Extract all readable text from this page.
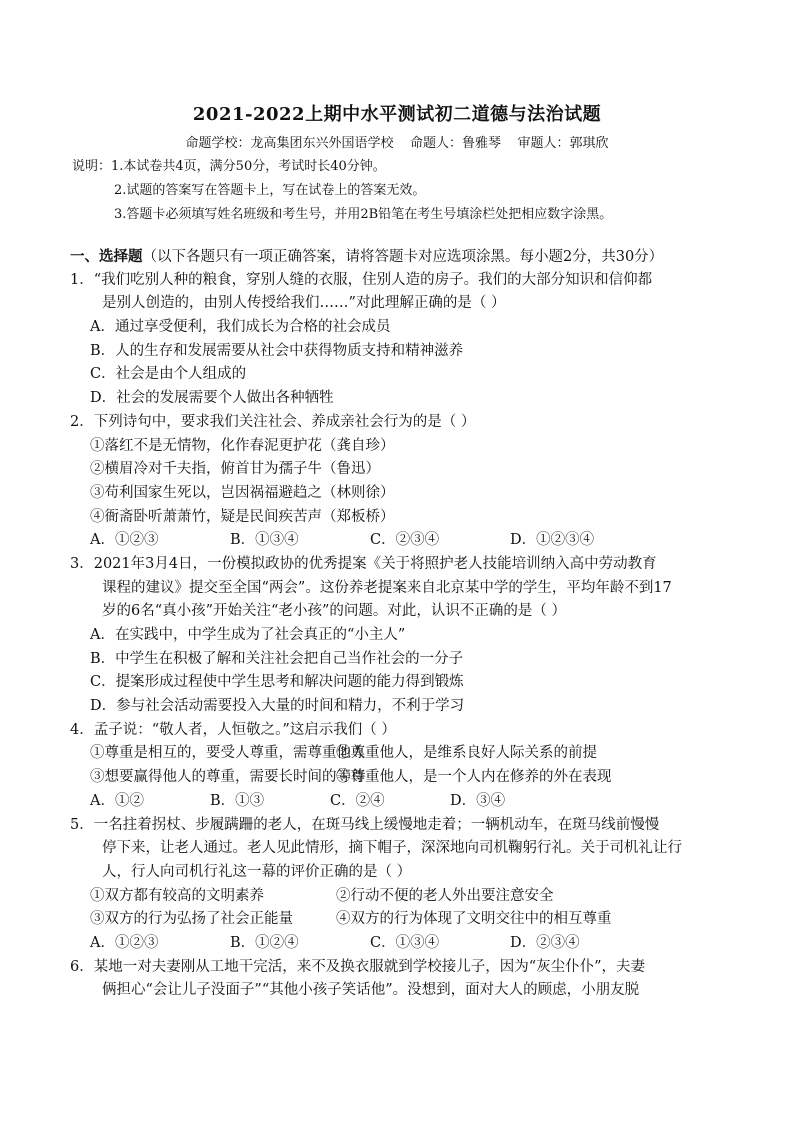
2021-2022上期中水平测试初二道德与法治试题
命题学校：龙高集团东兴外国语学校    命题人：鲁雅琴    审题人：郭琪欣
说明：1.本试卷共4页，满分50分，考试时长40分钟。
2.试题的答案写在答题卡上，写在试卷上的答案无效。
3.答题卡必须填写姓名班级和考生号，并用2B铅笔在考生号填涂栏处把相应数字涂黑。
一、选择题（以下各题只有一项正确答案，请将答题卡对应选项涂黑。每小题2分，共30分）
1．“我们吃别人种的粮食，穿别人缝的衣服，住别人造的房子。我们的大部分知识和信仰都
是别人创造的，由别人传授给我们……”对此理解正确的是（ ）
A．通过享受便利，我们成长为合格的社会成员
B．人的生存和发展需要从社会中获得物质支持和精神滋养
C．社会是由个人组成的
D．社会的发展需要个人做出各种牺牲
2．下列诗句中，要求我们关注社会、养成亲社会行为的是（ ）
①落红不是无情物，化作春泥更护花（龚自珍）
②横眉冷对千夫指，俯首甘为孺子牛（鲁迅）
③苟利国家生死以，岂因祸福避趋之（林则徐）
④衙斋卧听萧萧竹，疑是民间疾苦声（郑板桥）
A．①②③	B．①③④	C．②③④	D．①②③④
3．2021年3月4日，一份模拟政协的优秀提案《关于将照护老人技能培训纳入高中劳动教育
课程的建议》提交至全国“两会”。这份养老提案来自北京某中学的学生，平均年龄不到17
岁的6名“真小孩”开始关注“老小孩”的问题。对此，认识不正确的是（ ）
A．在实践中，中学生成为了社会真正的“小主人”
B．中学生在积极了解和关注社会把自己当作社会的一分子
C．提案形成过程使中学生思考和解决问题的能力得到锻炼
D．参与社会活动需要投入大量的时间和精力，不利于学习
4．孟子说：“敬人者，人恒敬之。”这启示我们（ ）
①尊重是相互的，要受人尊重，需尊重他人②尊重他人，是维系良好人际关系的前提
③想要赢得他人的尊重，需要长时间的等待④尊重他人，是一个人内在修养的外在表现
A．①②	B．①③	C．②④	D．③④
5．一名拄着拐杖、步履蹒跚的老人，在斑马线上缓慢地走着；一辆机动车，在斑马线前慢慢
停下来，让老人通过。老人见此情形，摘下帽子，深深地向司机鞠躬行礼。关于司机礼让行
人，行人向司机行礼这一幕的评价正确的是（ ）
①双方都有较高的文明素养	②行动不便的老人外出要注意安全
③双方的行为弘扬了社会正能量	④双方的行为体现了文明交往中的相互尊重
A．①②③	B．①②④	C．①③④	D．②③④
6．某地一对夫妻刚从工地干完活，来不及换衣服就到学校接儿子，因为“灰尘仆仆”，夫妻
俩担心“会让儿子没面子”“其他小孩子笑话他”。没想到，面对大人的顾虑，小朋友脱
